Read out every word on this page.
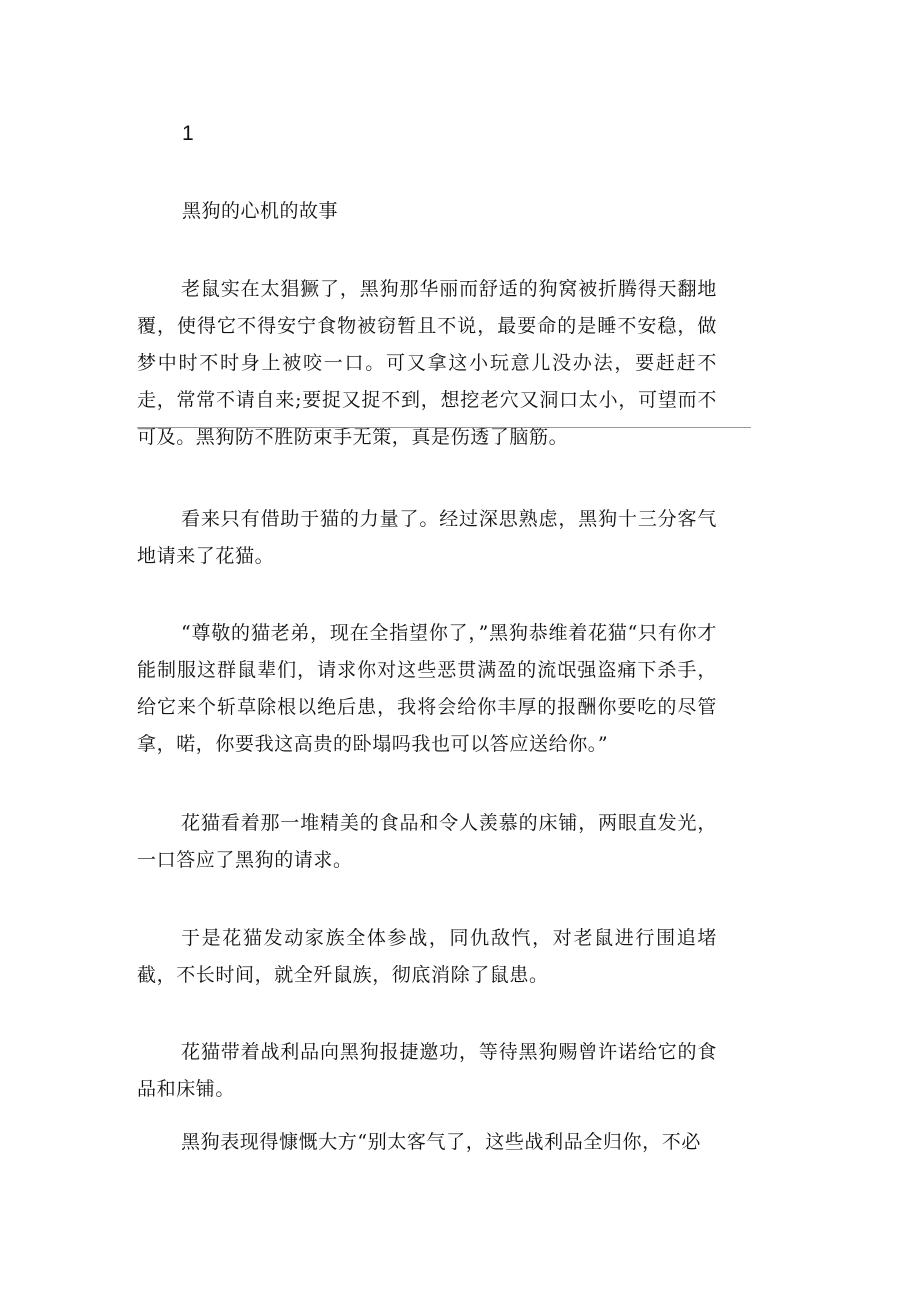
1
黑狗的心机的故事

老鼠实在太猖獗了，黑狗那华丽而舒适的狗窝被折腾得天翻地覆，使得它不得安宁食物被窃暂且不说，最要命的是睡不安稳，做梦中时不时身上被咬一口。可又拿这小玩意儿没办法，要赶赶不走，常常不请自来;要捉又捉不到，想挖老穴又洞口太小，可望而不可及。黑狗防不胜防束手无策，真是伤透了脑筋。

看来只有借助于猫的力量了。经过深思熟虑，黑狗十三分客气地请来了花猫。

“尊敬的猫老弟，现在全指望你了，”黑狗恭维着花猫“只有你才能制服这群鼠辈们，请求你对这些恶贯满盈的流氓强盗痛下杀手，给它来个斩草除根以绝后患，我将会给你丰厚的报酬你要吃的尽管拿，喏，你要我这高贵的卧塌吗我也可以答应送给你。”

花猫看着那一堆精美的食品和令人羡慕的床铺，两眼直发光，一口答应了黑狗的请求。

于是花猫发动家族全体参战，同仇敌忾，对老鼠进行围追堵截，不长时间，就全歼鼠族，彻底消除了鼠患。

花猫带着战利品向黑狗报捷邀功，等待黑狗赐曾许诺给它的食品和床铺。

黑狗表现得慷慨大方“别太客气了，这些战利品全归你，不必
